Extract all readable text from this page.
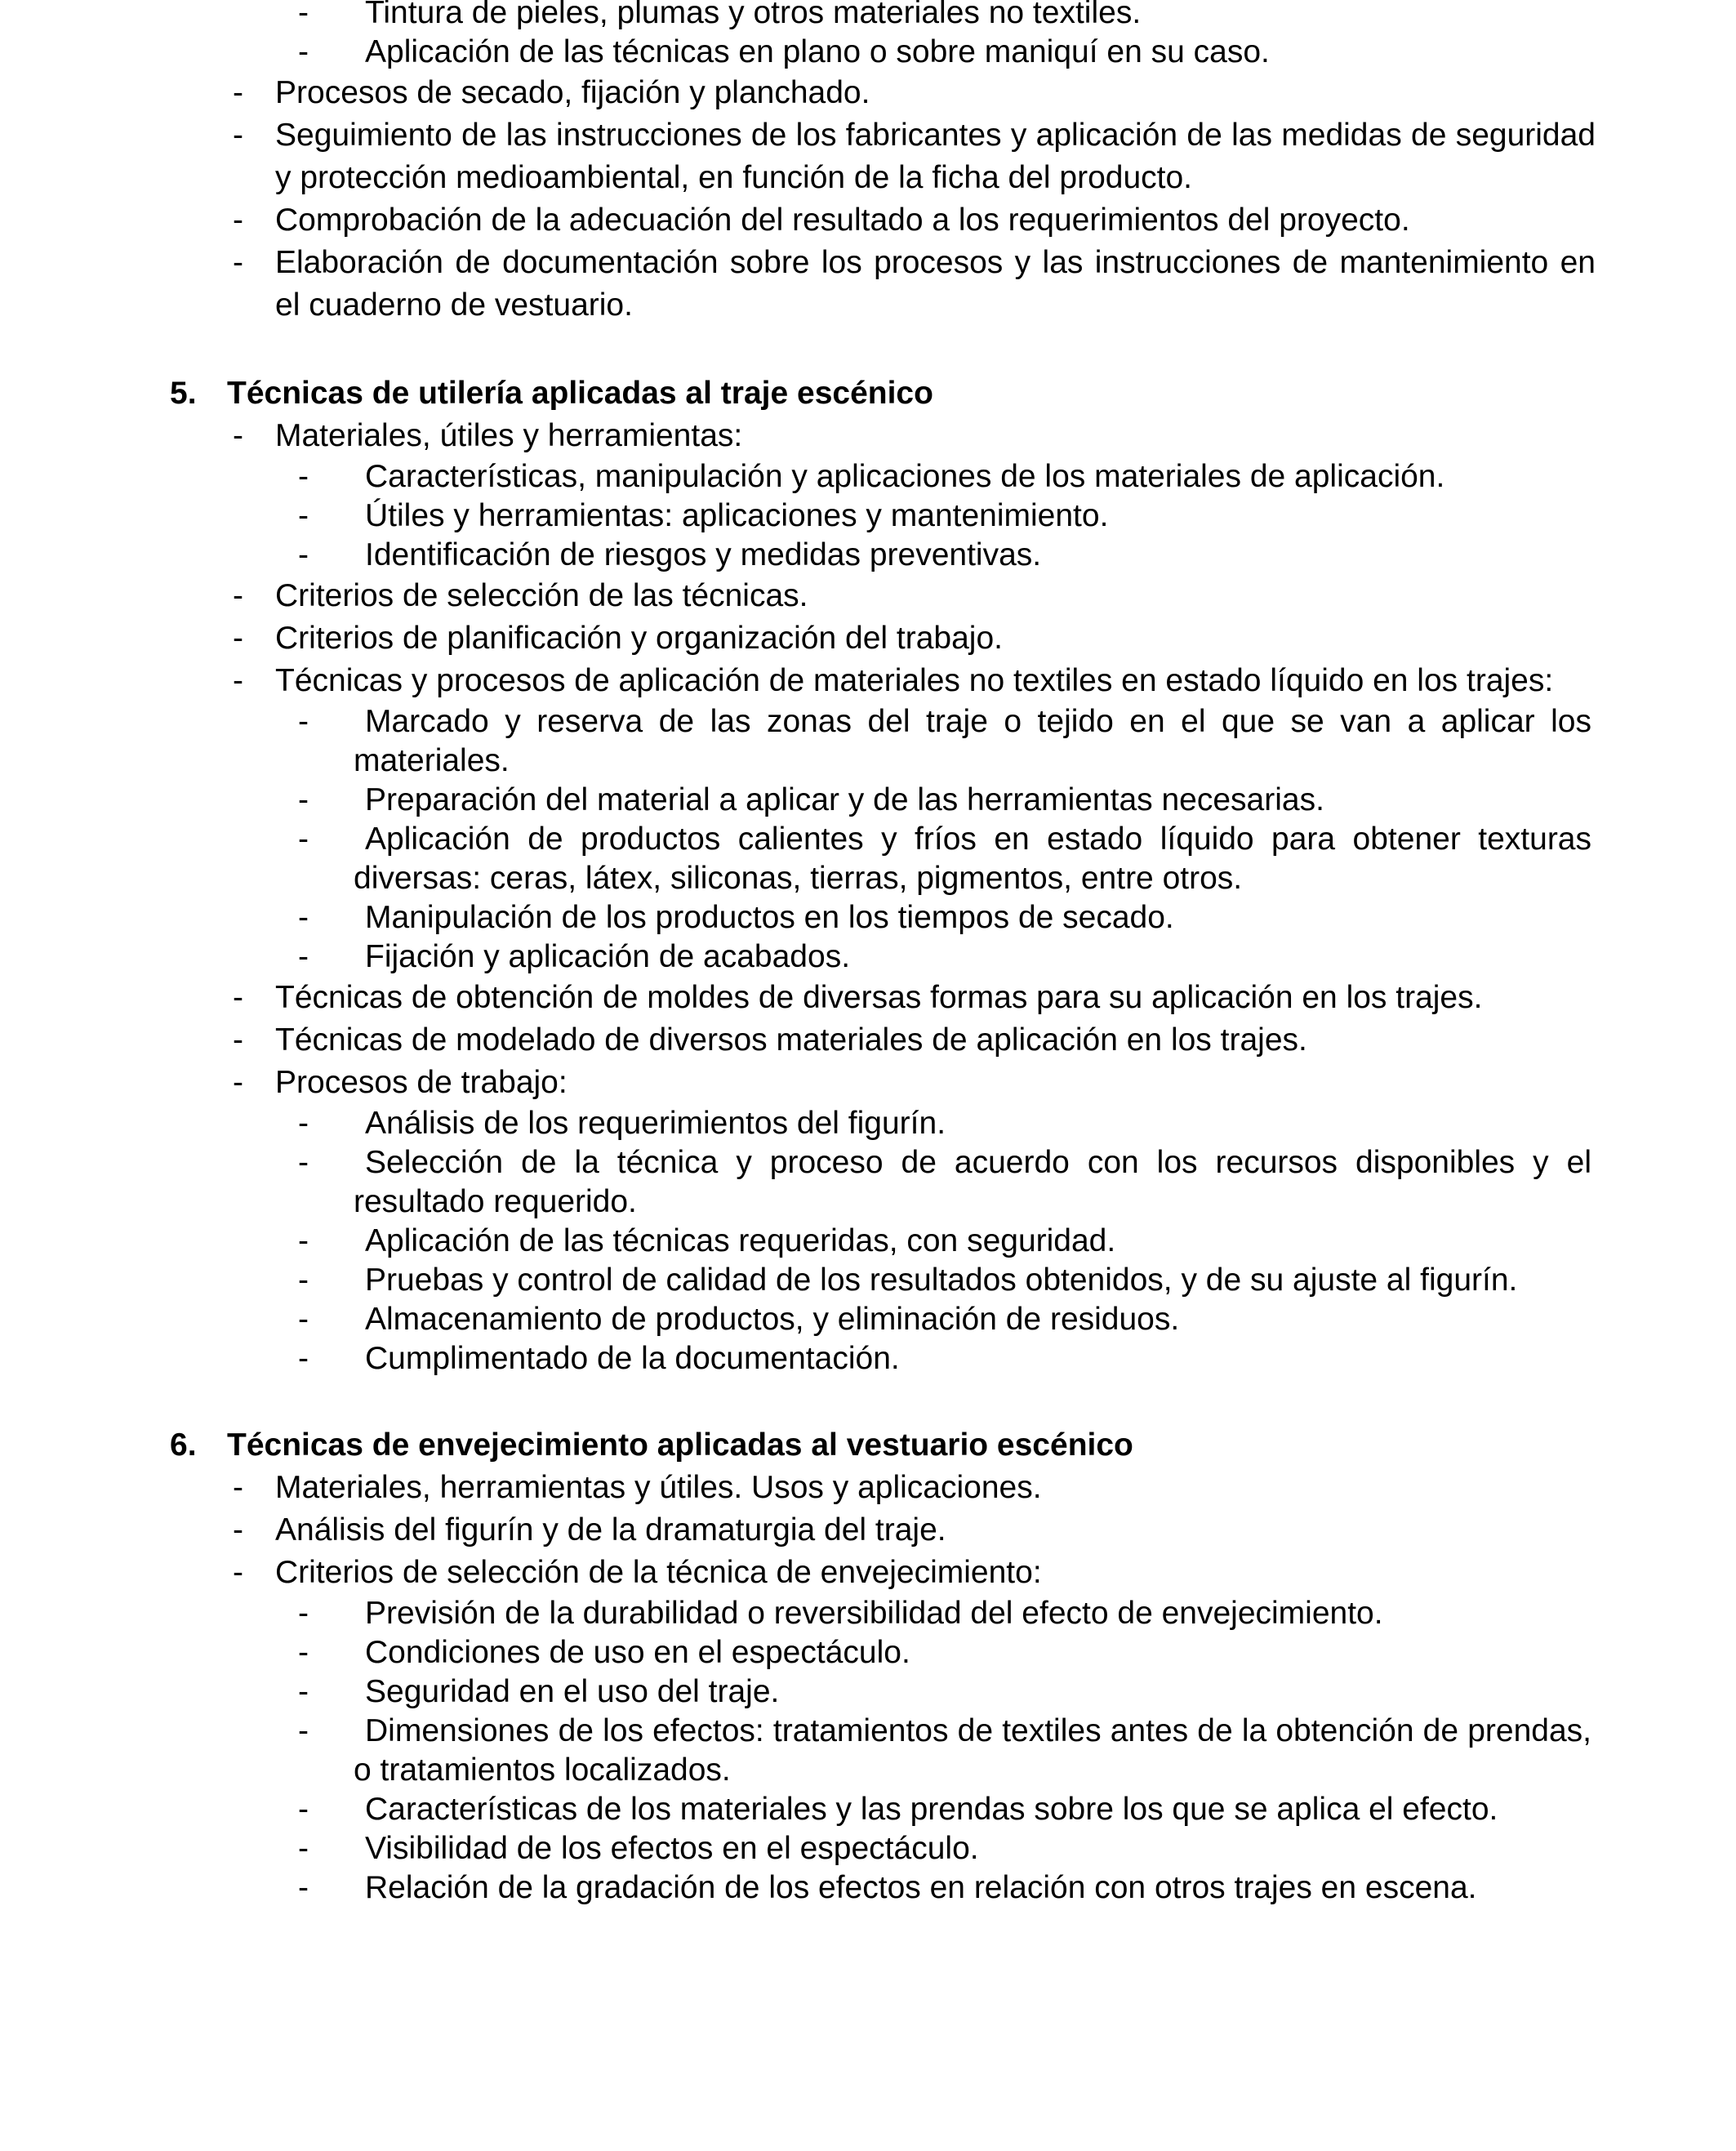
- Tintura de pieles, plumas y otros materiales no textiles.
- Aplicación de las técnicas en plano o sobre maniquí en su caso.
- Procesos de secado, fijación y planchado.
- Seguimiento de las instrucciones de los fabricantes y aplicación de las medidas de seguridad y protección medioambiental, en función de la ficha del producto.
- Comprobación de la adecuación del resultado a los requerimientos del proyecto.
- Elaboración de documentación sobre los procesos y las instrucciones de mantenimiento en el cuaderno de vestuario.
5. Técnicas de utilería aplicadas al traje escénico
- Materiales, útiles y herramientas:
- Características, manipulación y aplicaciones de los materiales de aplicación.
- Útiles y herramientas: aplicaciones y mantenimiento.
- Identificación de riesgos y medidas preventivas.
- Criterios de selección de las técnicas.
- Criterios de planificación y organización del trabajo.
- Técnicas y procesos de aplicación de materiales no textiles en estado líquido en los trajes:
- Marcado y reserva de las zonas del traje o tejido en el que se van a aplicar los materiales.
- Preparación del material a aplicar y de las herramientas necesarias.
- Aplicación de productos calientes y fríos en estado líquido para obtener texturas diversas: ceras, látex, siliconas, tierras, pigmentos, entre otros.
- Manipulación de los productos en los tiempos de secado.
- Fijación y aplicación de acabados.
- Técnicas de obtención de moldes de diversas formas para su aplicación en los trajes.
- Técnicas de modelado de diversos materiales de aplicación en los trajes.
- Procesos de trabajo:
- Análisis de los requerimientos del figurín.
- Selección de la técnica y proceso de acuerdo con los recursos disponibles y el resultado requerido.
- Aplicación de las técnicas requeridas, con seguridad.
- Pruebas y control de calidad de los resultados obtenidos, y de su ajuste al figurín.
- Almacenamiento de productos, y eliminación de residuos.
- Cumplimentado de la documentación.
6. Técnicas de envejecimiento aplicadas al vestuario escénico
- Materiales, herramientas y útiles. Usos y aplicaciones.
- Análisis del figurín y de la dramaturgia del traje.
- Criterios de selección de la técnica de envejecimiento:
- Previsión de la durabilidad o reversibilidad del efecto de envejecimiento.
- Condiciones de uso en el espectáculo.
- Seguridad en el uso del traje.
- Dimensiones de los efectos: tratamientos de textiles antes de la obtención de prendas, o tratamientos localizados.
- Características de los materiales y las prendas sobre los que se aplica el efecto.
- Visibilidad de los efectos en el espectáculo.
- Relación de la gradación de los efectos en relación con otros trajes en escena.
